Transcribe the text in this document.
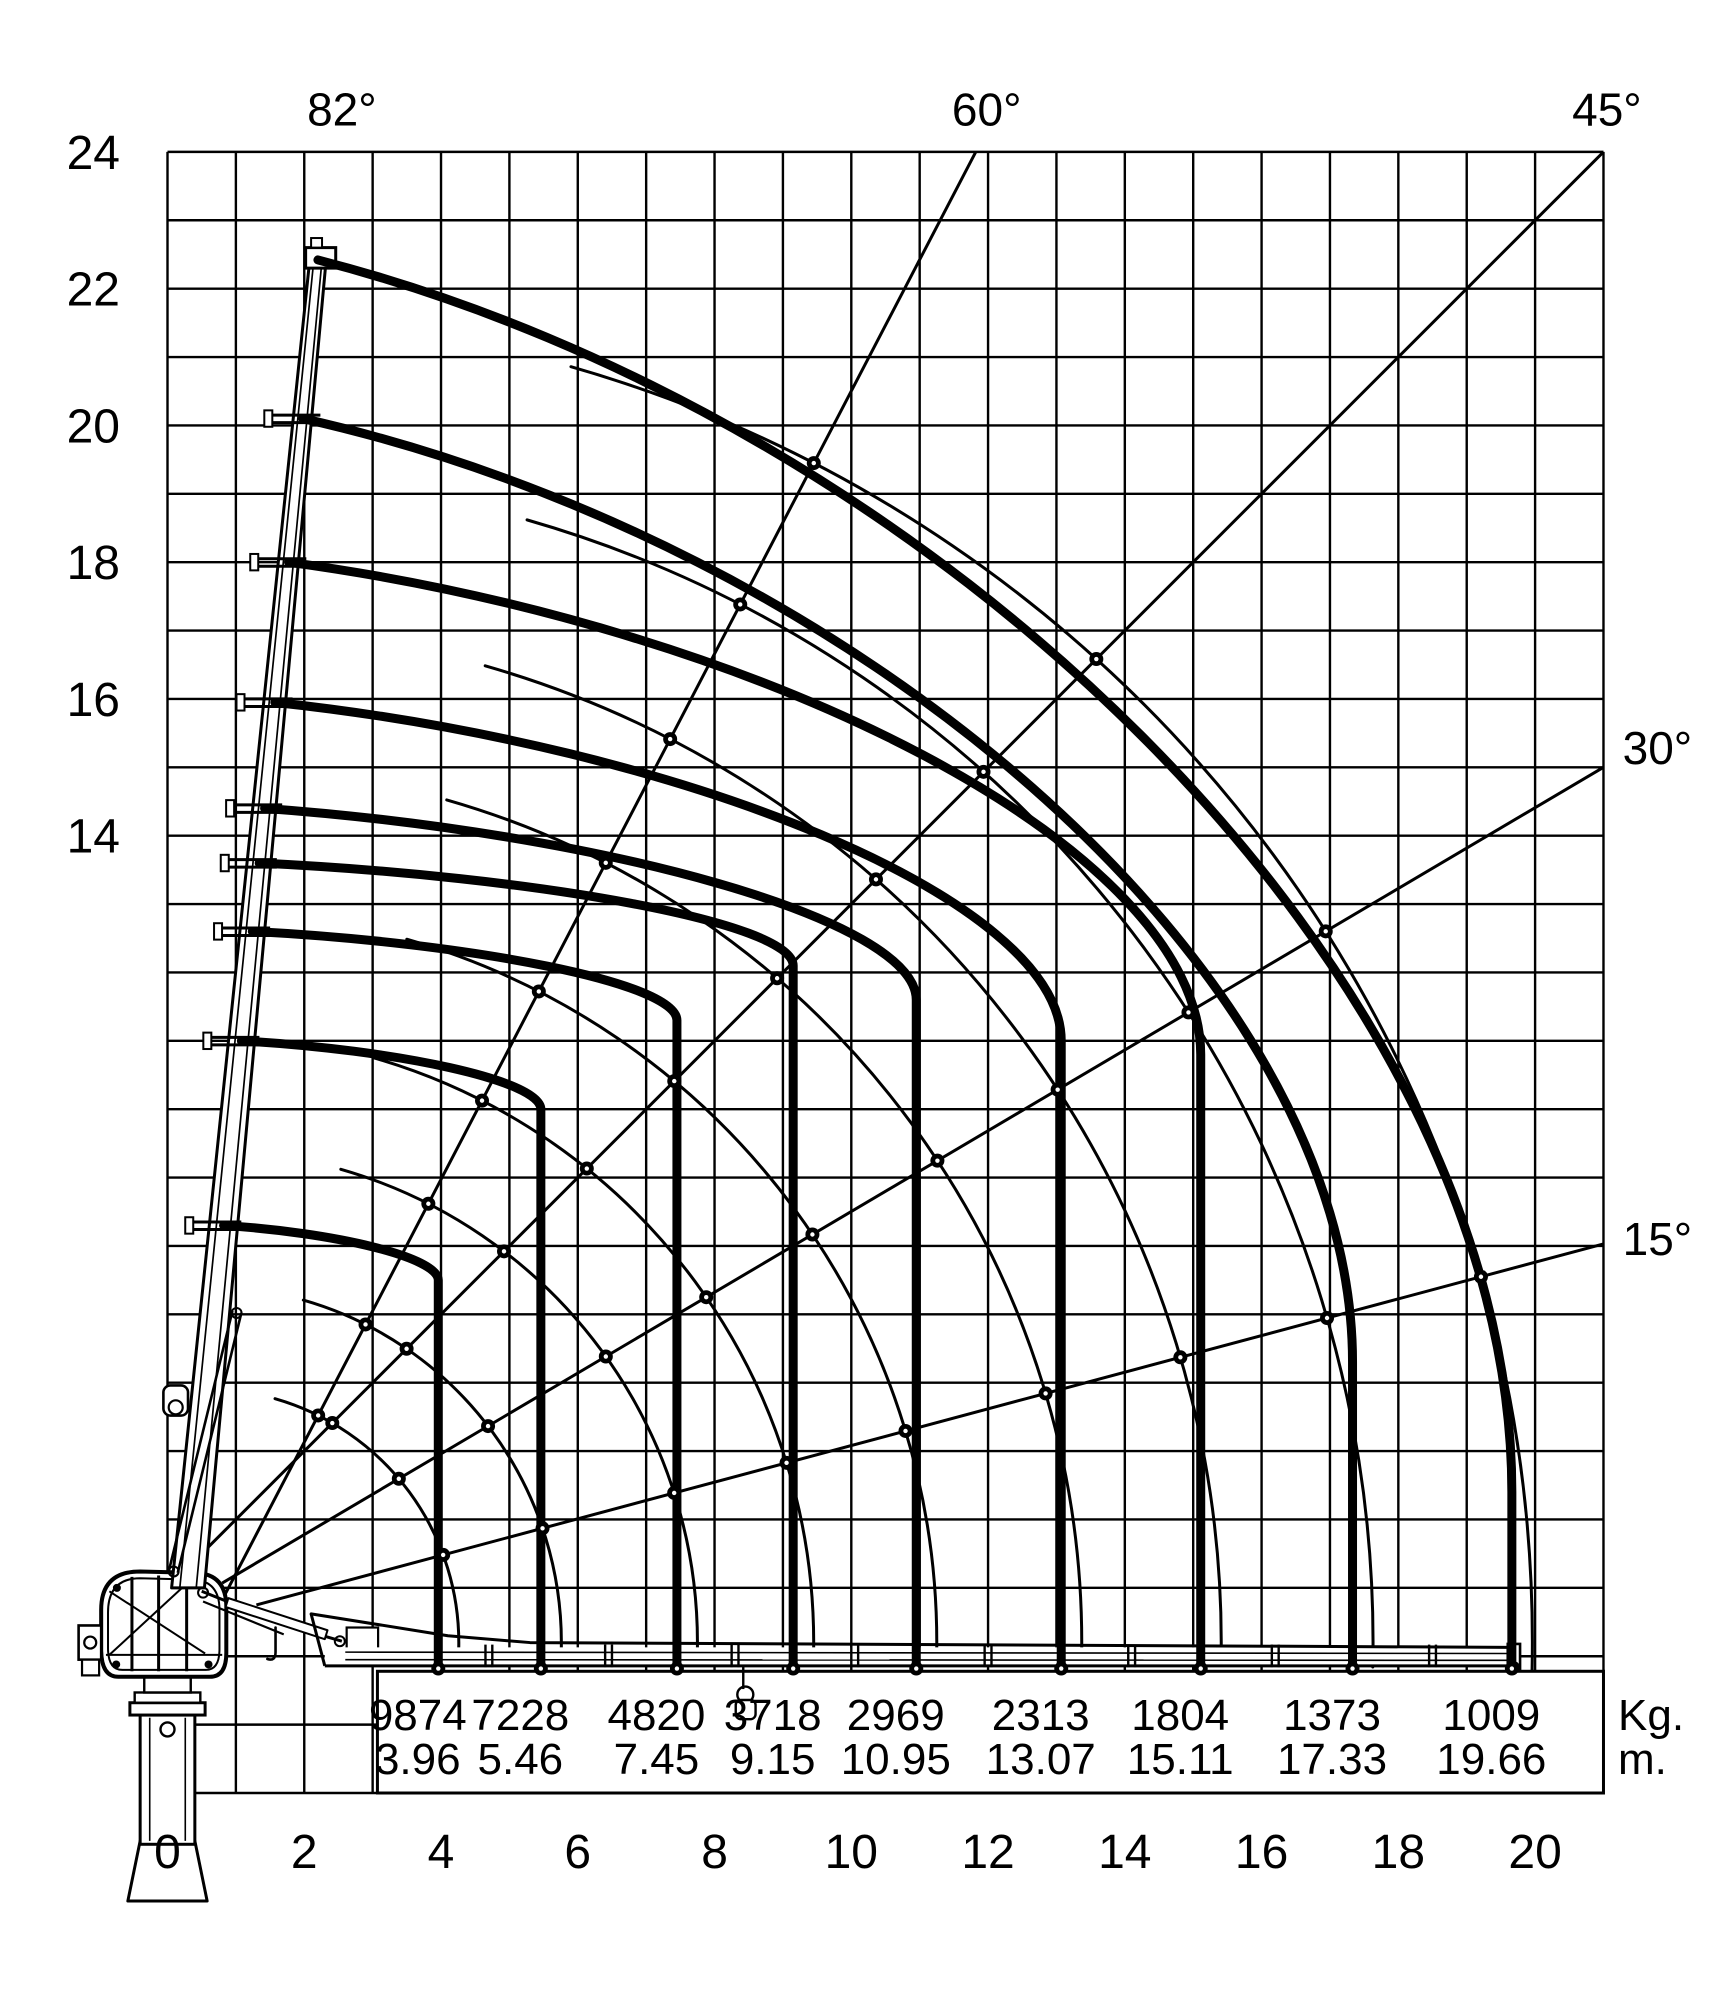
0 2 4 6 8 10 12 14 16 18 20
24
22
20
18
16
14
82°	60°	45°
30°
15°
9874
3.96
7228
5.46
4820
7.45
3718
9.15
2969
10.95
2313
13.07
1804
15.11
1373
17.33
1009
19.66
Kg.
m.
